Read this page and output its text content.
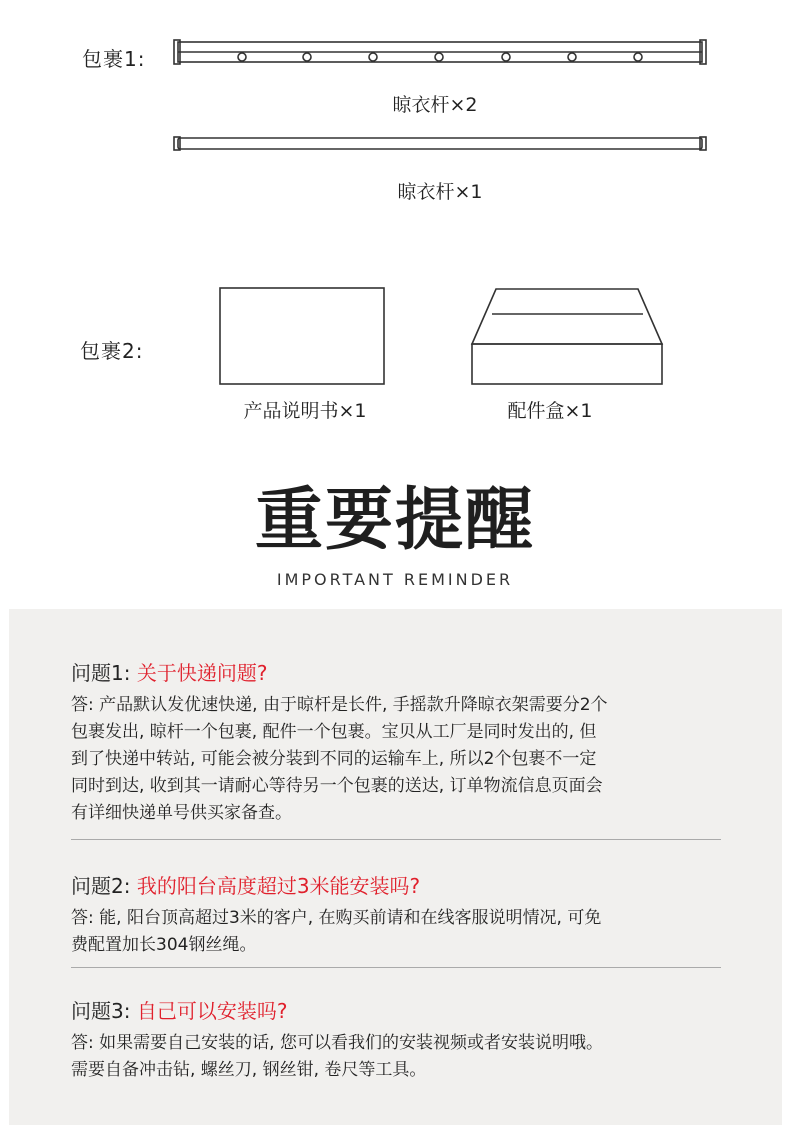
包裹1:
晾衣杆×2
晾衣杆×1
包裹2:
产品说明书×1	配件盒×1
重要提醒
IMPORTANT REMINDER
问题1: 关于快递问题?
答: 产品默认发优速快递, 由于晾杆是长件, 手摇款升降晾衣架需要分2个
包裹发出, 晾杆一个包裹, 配件一个包裹。宝贝从工厂是同时发出的, 但
到了快递中转站, 可能会被分装到不同的运输车上, 所以2个包裹不一定
同时到达, 收到其一请耐心等待另一个包裹的送达, 订单物流信息页面会
有详细快递单号供买家备查。
问题2: 我的阳台高度超过3米能安装吗?
答: 能, 阳台顶高超过3米的客户, 在购买前请和在线客服说明情况, 可免
费配置加长304钢丝绳。
问题3: 自己可以安装吗?
答: 如果需要自己安装的话, 您可以看我们的安装视频或者安装说明哦。
需要自备冲击钻, 螺丝刀, 钢丝钳, 卷尺等工具。
